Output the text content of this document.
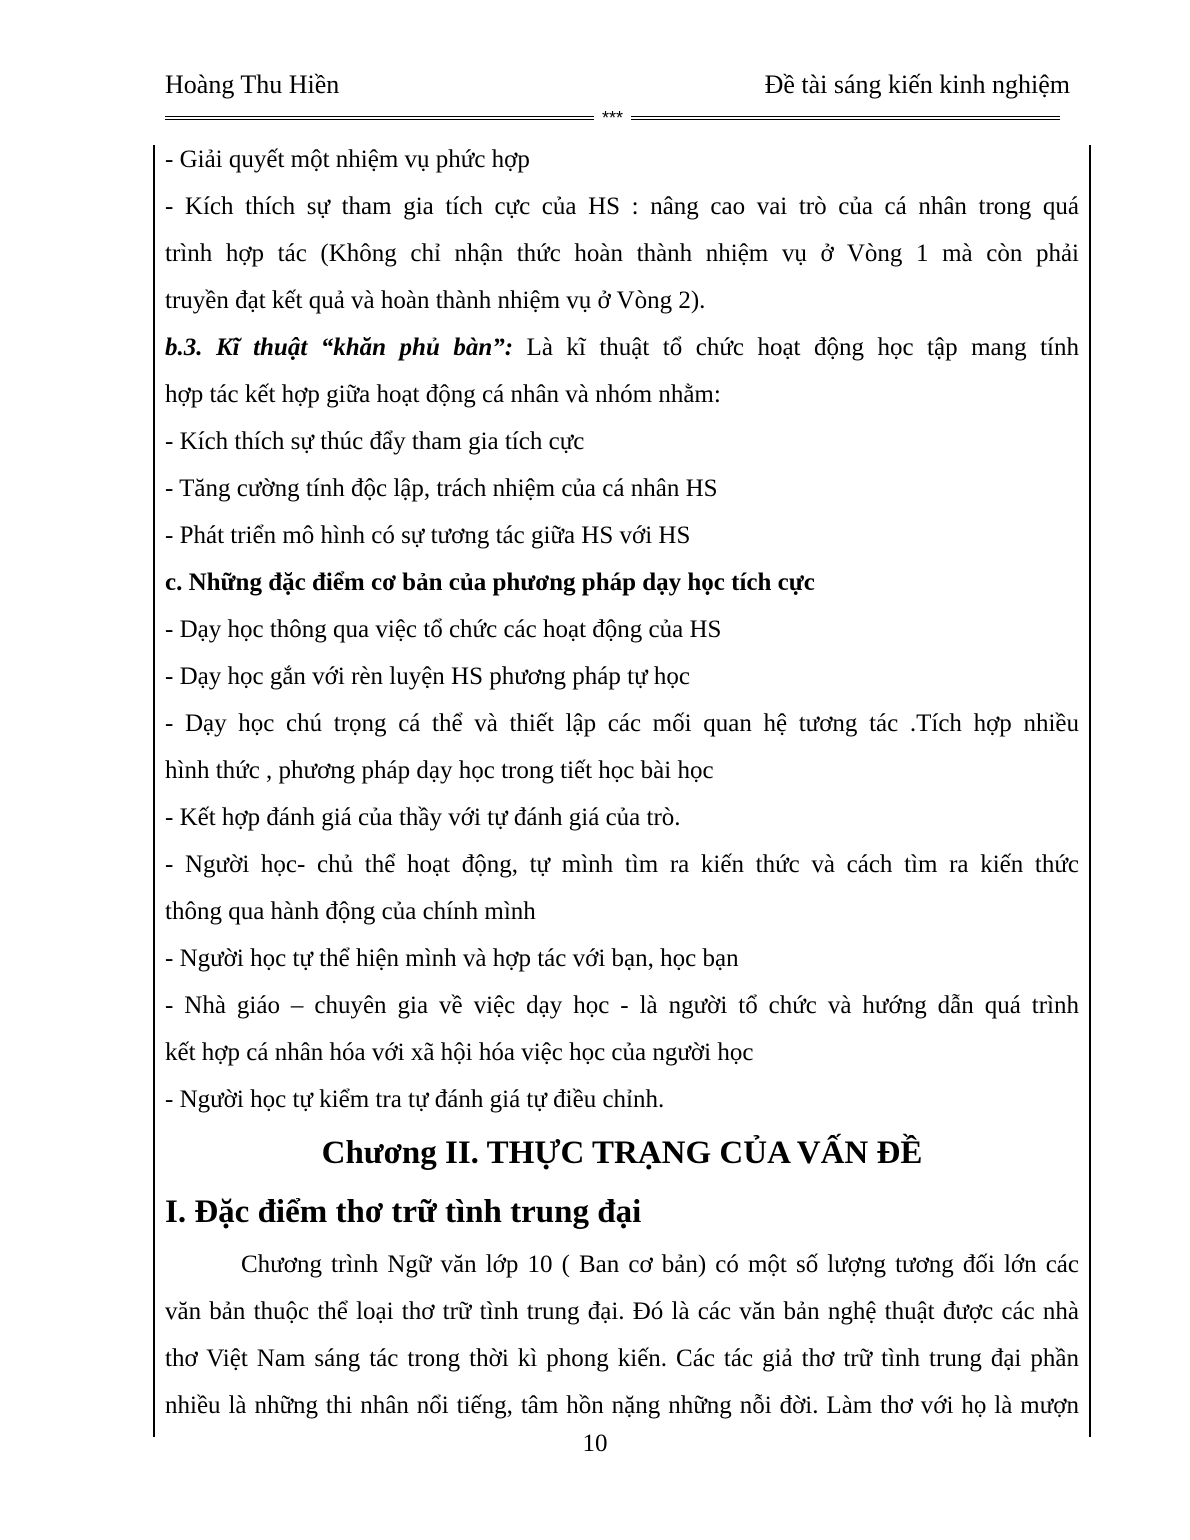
Hoàng Thu Hiền	Đề tài sáng kiến kinh nghiệm
***
- Giải quyết một nhiệm vụ phức hợp
- Kích thích sự tham gia tích cực của HS : nâng cao vai trò của cá nhân trong quá
trình hợp tác (Không chỉ nhận thức hoàn thành nhiệm vụ ở Vòng 1 mà còn phải
truyền đạt kết quả và hoàn thành nhiệm vụ ở Vòng 2).
b.3. Kĩ thuật “khăn phủ bàn”: Là kĩ thuật tổ chức hoạt động học tập mang tính
hợp tác kết hợp giữa hoạt động cá nhân và nhóm nhằm:
- Kích thích sự thúc đẩy tham gia tích cực
- Tăng cường tính độc lập, trách nhiệm của cá nhân HS
- Phát triển mô hình có sự tương tác giữa HS với HS
c. Những đặc điểm cơ bản của phương pháp dạy học tích cực
- Dạy học thông qua việc tổ chức các hoạt động của HS
- Dạy học gắn với rèn luyện HS phương pháp tự học
- Dạy học chú trọng cá thể và thiết lập các mối quan hệ tương tác .Tích hợp nhiều
hình thức , phương pháp dạy học trong tiết học bài học
- Kết hợp đánh giá của thầy với tự đánh giá của trò.
- Người học- chủ thể hoạt động, tự mình tìm ra kiến thức và cách tìm ra kiến thức
thông qua hành động của chính mình
- Người học tự thể hiện mình và hợp tác với bạn, học bạn
- Nhà giáo – chuyên gia về việc dạy học - là người tổ chức và hướng dẫn quá trình
kết hợp cá nhân hóa với xã hội hóa việc học của người học
- Người học tự kiểm tra tự đánh giá tự điều chỉnh.
Chương II. THỰC TRẠNG CỦA VẤN ĐỀ
I. Đặc điểm thơ trữ tình trung đại
Chương trình Ngữ văn lớp 10 ( Ban cơ bản) có một số lượng tương đối lớn các
văn bản thuộc thể loại thơ trữ tình trung đại. Đó là các văn bản nghệ thuật được các nhà
thơ Việt Nam sáng tác trong thời kì phong kiến. Các tác giả thơ trữ tình trung đại phần
nhiều là những thi nhân nổi tiếng, tâm hồn nặng những nỗi đời. Làm thơ với họ là mượn
10
